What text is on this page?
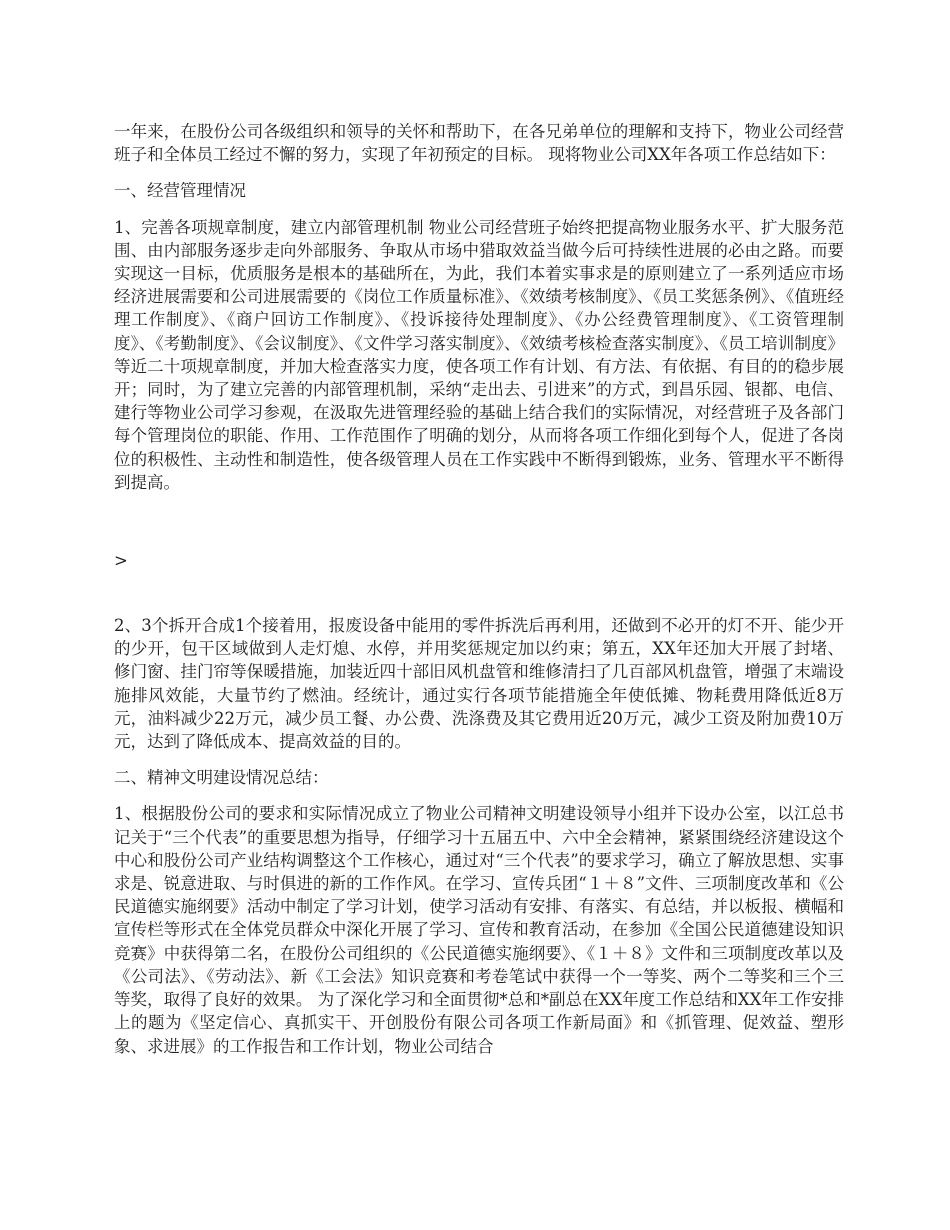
一年来，在股份公司各级组织和领导的关怀和帮助下，在各兄弟单位的理解和支持下，物业公司经营班子和全体员工经过不懈的努力，实现了年初预定的目标。 现将物业公司XX年各项工作总结如下：

一、经营管理情况

1、完善各项规章制度，建立内部管理机制 物业公司经营班子始终把提高物业服务水平、扩大服务范围、由内部服务逐步走向外部服务、争取从市场中猎取效益当做今后可持续性进展的必由之路。而要实现这一目标，优质服务是根本的基础所在，为此，我们本着实事求是的原则建立了一系列适应市场经济进展需要和公司进展需要的《岗位工作质量标准》、《效绩考核制度》、《员工奖惩条例》、《值班经理工作制度》、《商户回访工作制度》、《投诉接待处理制度》、《办公经费管理制度》、《工资管理制度》、《考勤制度》、《会议制度》、《文件学习落实制度》、《效绩考核检查落实制度》、《员工培训制度》等近二十项规章制度，并加大检查落实力度，使各项工作有计划、有方法、有依据、有目的的稳步展开；同时，为了建立完善的内部管理机制，采纳“走出去、引进来”的方式，到昌乐园、银都、电信、建行等物业公司学习参观，在汲取先进管理经验的基础上结合我们的实际情况，对经营班子及各部门每个管理岗位的职能、作用、工作范围作了明确的划分，从而将各项工作细化到每个人，促进了各岗位的积极性、主动性和制造性，使各级管理人员在工作实践中不断得到锻炼，业务、管理水平不断得到提高。

>

2、3个拆开合成1个接着用，报废设备中能用的零件拆洗后再利用，还做到不必开的灯不开、能少开的少开，包干区域做到人走灯熄、水停，并用奖惩规定加以约束；第五，XX年还加大开展了封堵、修门窗、挂门帘等保暖措施，加装近四十部旧风机盘管和维修清扫了几百部风机盘管，增强了末端设施排风效能，大量节约了燃油。经统计，通过实行各项节能措施全年使低摊、物耗费用降低近8万元，油料减少22万元，减少员工餐、办公费、洗涤费及其它费用近20万元，减少工资及附加费10万元，达到了降低成本、提高效益的目的。

二、精神文明建设情况总结：

1、根据股份公司的要求和实际情况成立了物业公司精神文明建设领导小组并下设办公室，以江总书记关于“三个代表”的重要思想为指导，仔细学习十五届五中、六中全会精神，紧紧围绕经济建设这个中心和股份公司产业结构调整这个工作核心，通过对“三个代表”的要求学习，确立了解放思想、实事求是、锐意进取、与时俱进的新的工作作风。在学习、宣传兵团“１＋８”文件、三项制度改革和《公民道德实施纲要》活动中制定了学习计划，使学习活动有安排、有落实、有总结，并以板报、横幅和宣传栏等形式在全体党员群众中深化开展了学习、宣传和教育活动，在参加《全国公民道德建设知识竞赛》中获得第二名，在股份公司组织的《公民道德实施纲要》、《１＋８》文件和三项制度改革以及《公司法》、《劳动法》、新《工会法》知识竞赛和考卷笔试中获得一个一等奖、两个二等奖和三个三等奖，取得了良好的效果。 为了深化学习和全面贯彻*总和*副总在XX年度工作总结和XX年工作安排上的题为《坚定信心、真抓实干、开创股份有限公司各项工作新局面》和《抓管理、促效益、塑形象、求进展》的工作报告和工作计划，物业公司结合
